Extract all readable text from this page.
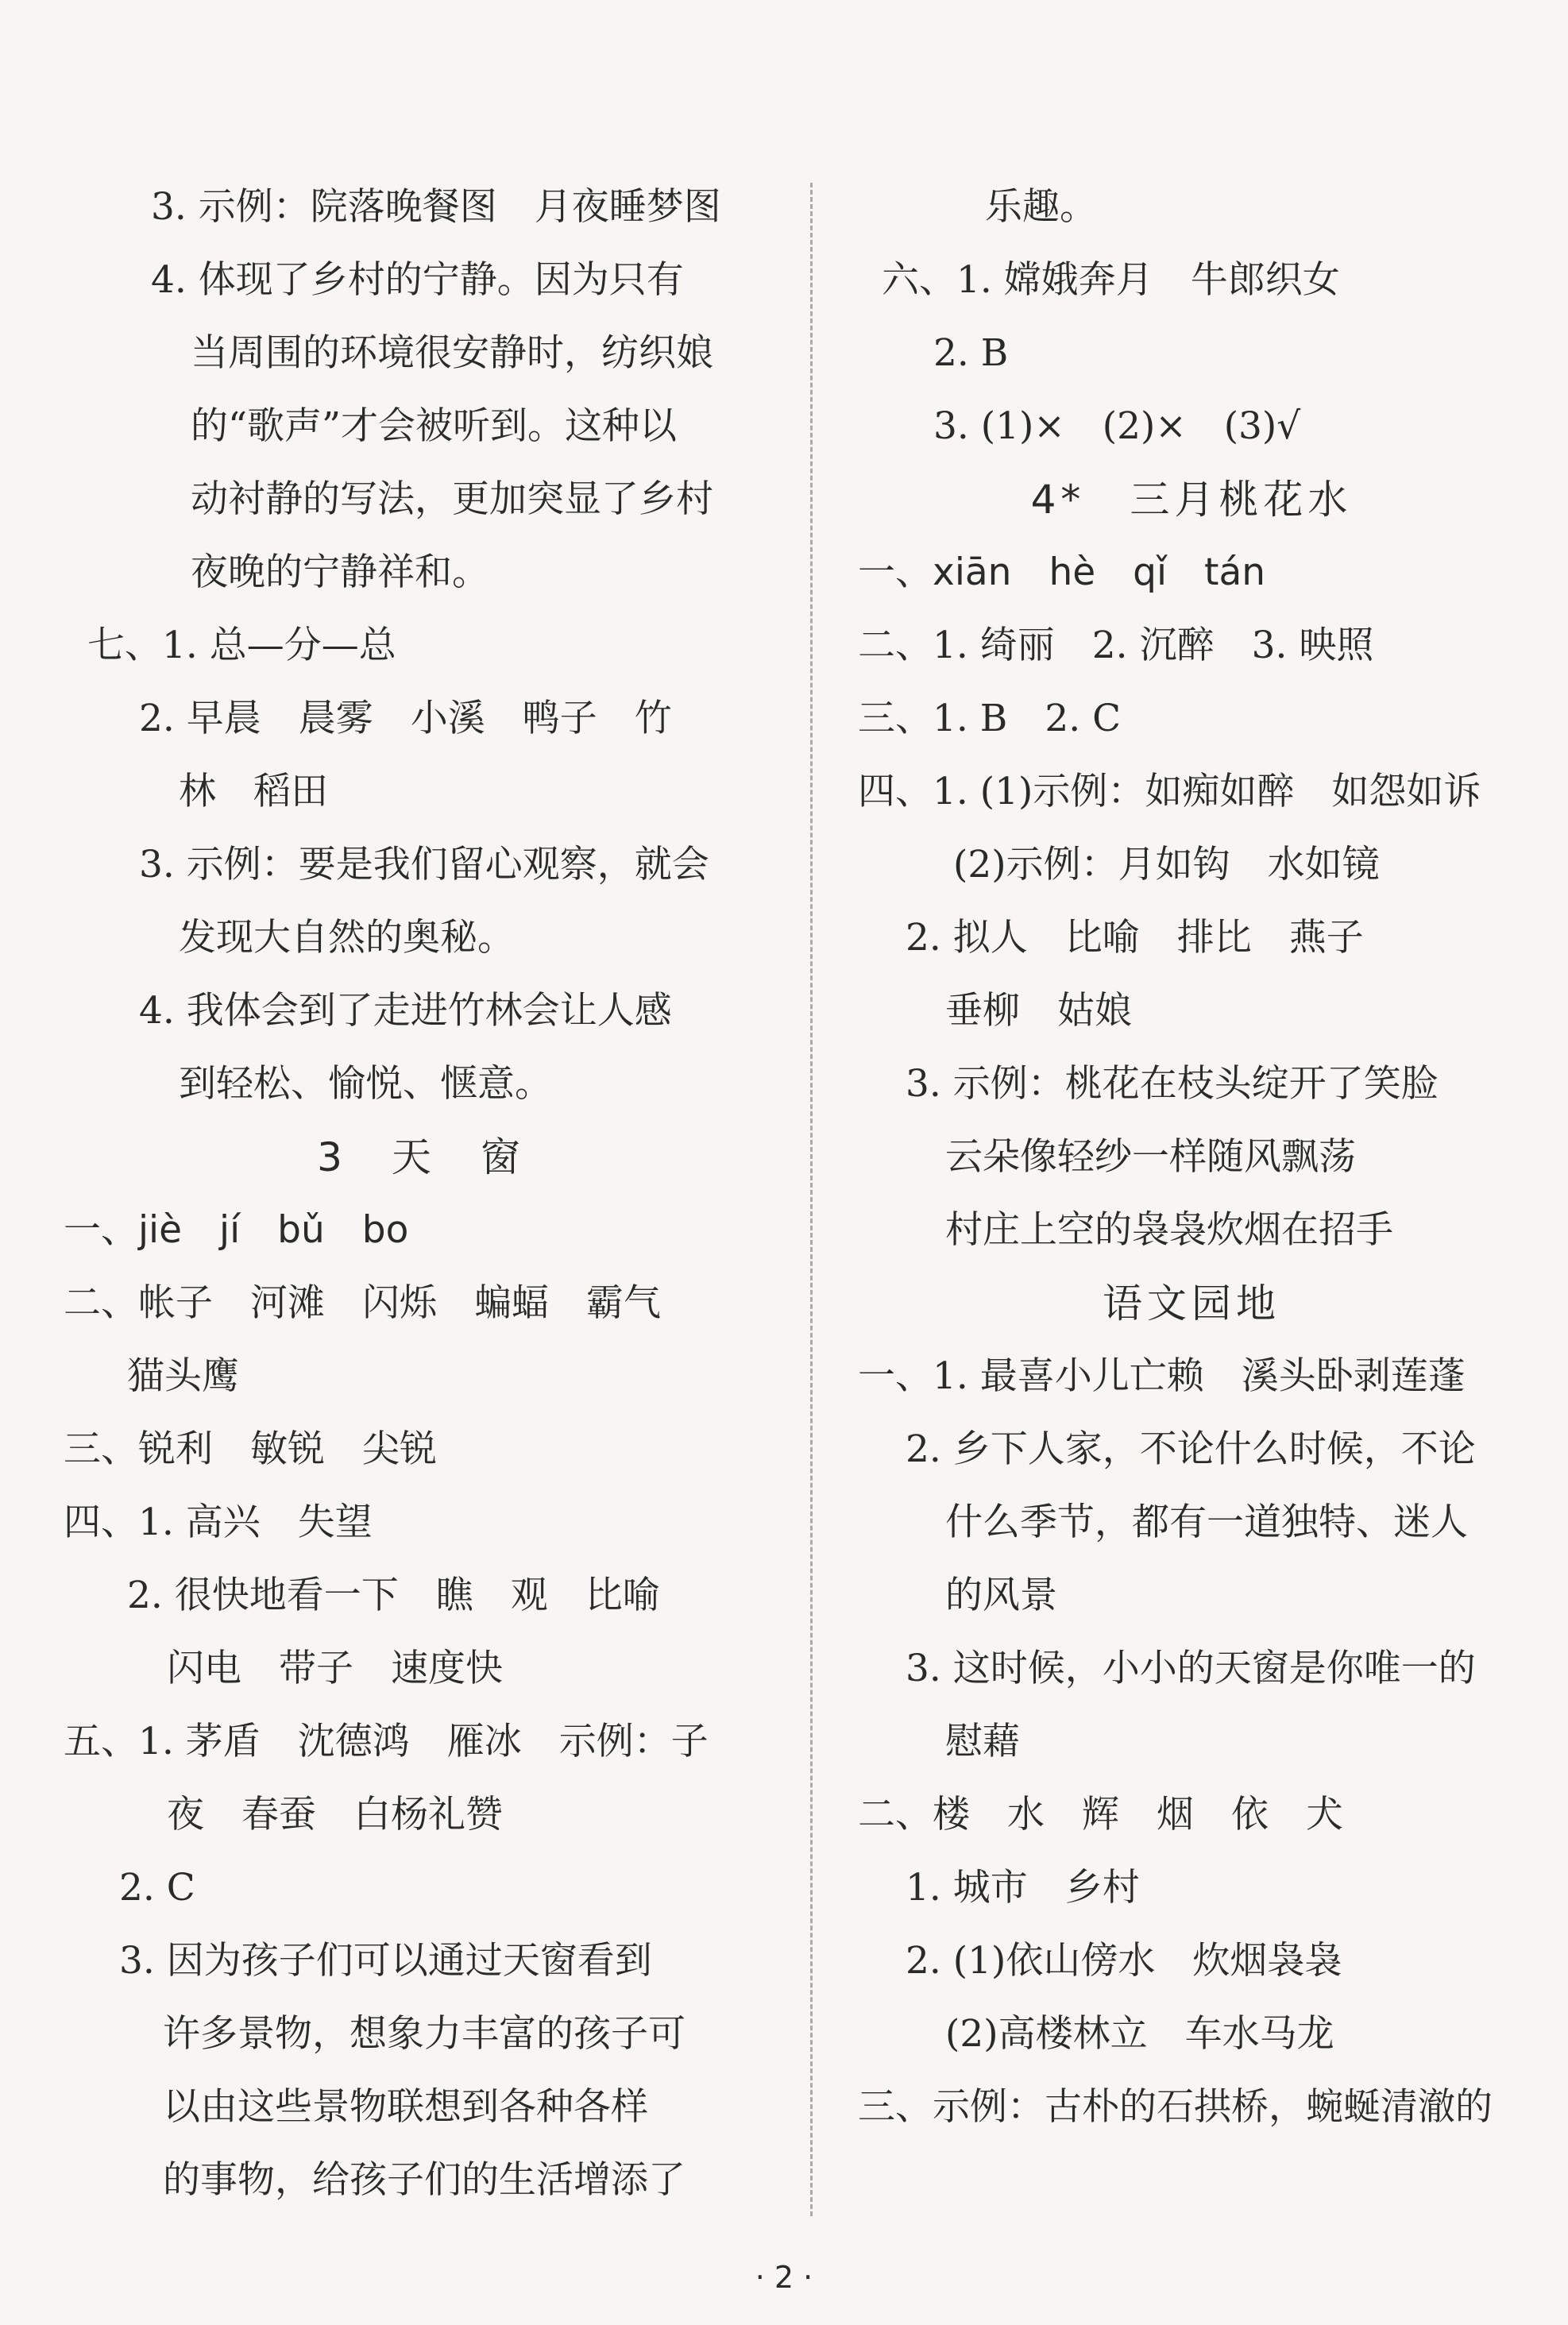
3. 示例：院落晚餐图　月夜睡梦图
4. 体现了乡村的宁静。因为只有
当周围的环境很安静时，纺织娘
的“歌声”才会被听到。这种以
动衬静的写法，更加突显了乡村
夜晚的宁静祥和。
七、1. 总—分—总
2. 早晨　晨雾　小溪　鸭子　竹
林　稻田
3. 示例：要是我们留心观察，就会
发现大自然的奥秘。
4. 我体会到了走进竹林会让人感
到轻松、愉悦、惬意。
3　天　窗
一、jiè　jí　bǔ　bo
二、帐子　河滩　闪烁　蝙蝠　霸气
猫头鹰
三、锐利　敏锐　尖锐
四、1. 高兴　失望
2. 很快地看一下　瞧　观　比喻
闪电　带子　速度快
五、1. 茅盾　沈德鸿　雁冰　示例：子
夜　春蚕　白杨礼赞
2. C
3. 因为孩子们可以通过天窗看到
许多景物，想象力丰富的孩子可
以由这些景物联想到各种各样
的事物，给孩子们的生活增添了
乐趣。
六、1. 嫦娥奔月　牛郎织女
2. B
3. (1)×　(2)×　(3)√
4*　三月桃花水
一、xiān　hè　qǐ　tán
二、1. 绮丽　2. 沉醉　3. 映照
三、1. B　2. C
四、1. (1)示例：如痴如醉　如怨如诉
(2)示例：月如钩　水如镜
2. 拟人　比喻　排比　燕子
垂柳　姑娘
3. 示例：桃花在枝头绽开了笑脸
云朵像轻纱一样随风飘荡
村庄上空的袅袅炊烟在招手
语文园地
一、1. 最喜小儿亡赖　溪头卧剥莲蓬
2. 乡下人家，不论什么时候，不论
什么季节，都有一道独特、迷人
的风景
3. 这时候，小小的天窗是你唯一的
慰藉
二、楼　水　辉　烟　依　犬
1. 城市　乡村
2. (1)依山傍水　炊烟袅袅
(2)高楼林立　车水马龙
三、示例：古朴的石拱桥，蜿蜒清澈的
· 2 ·
